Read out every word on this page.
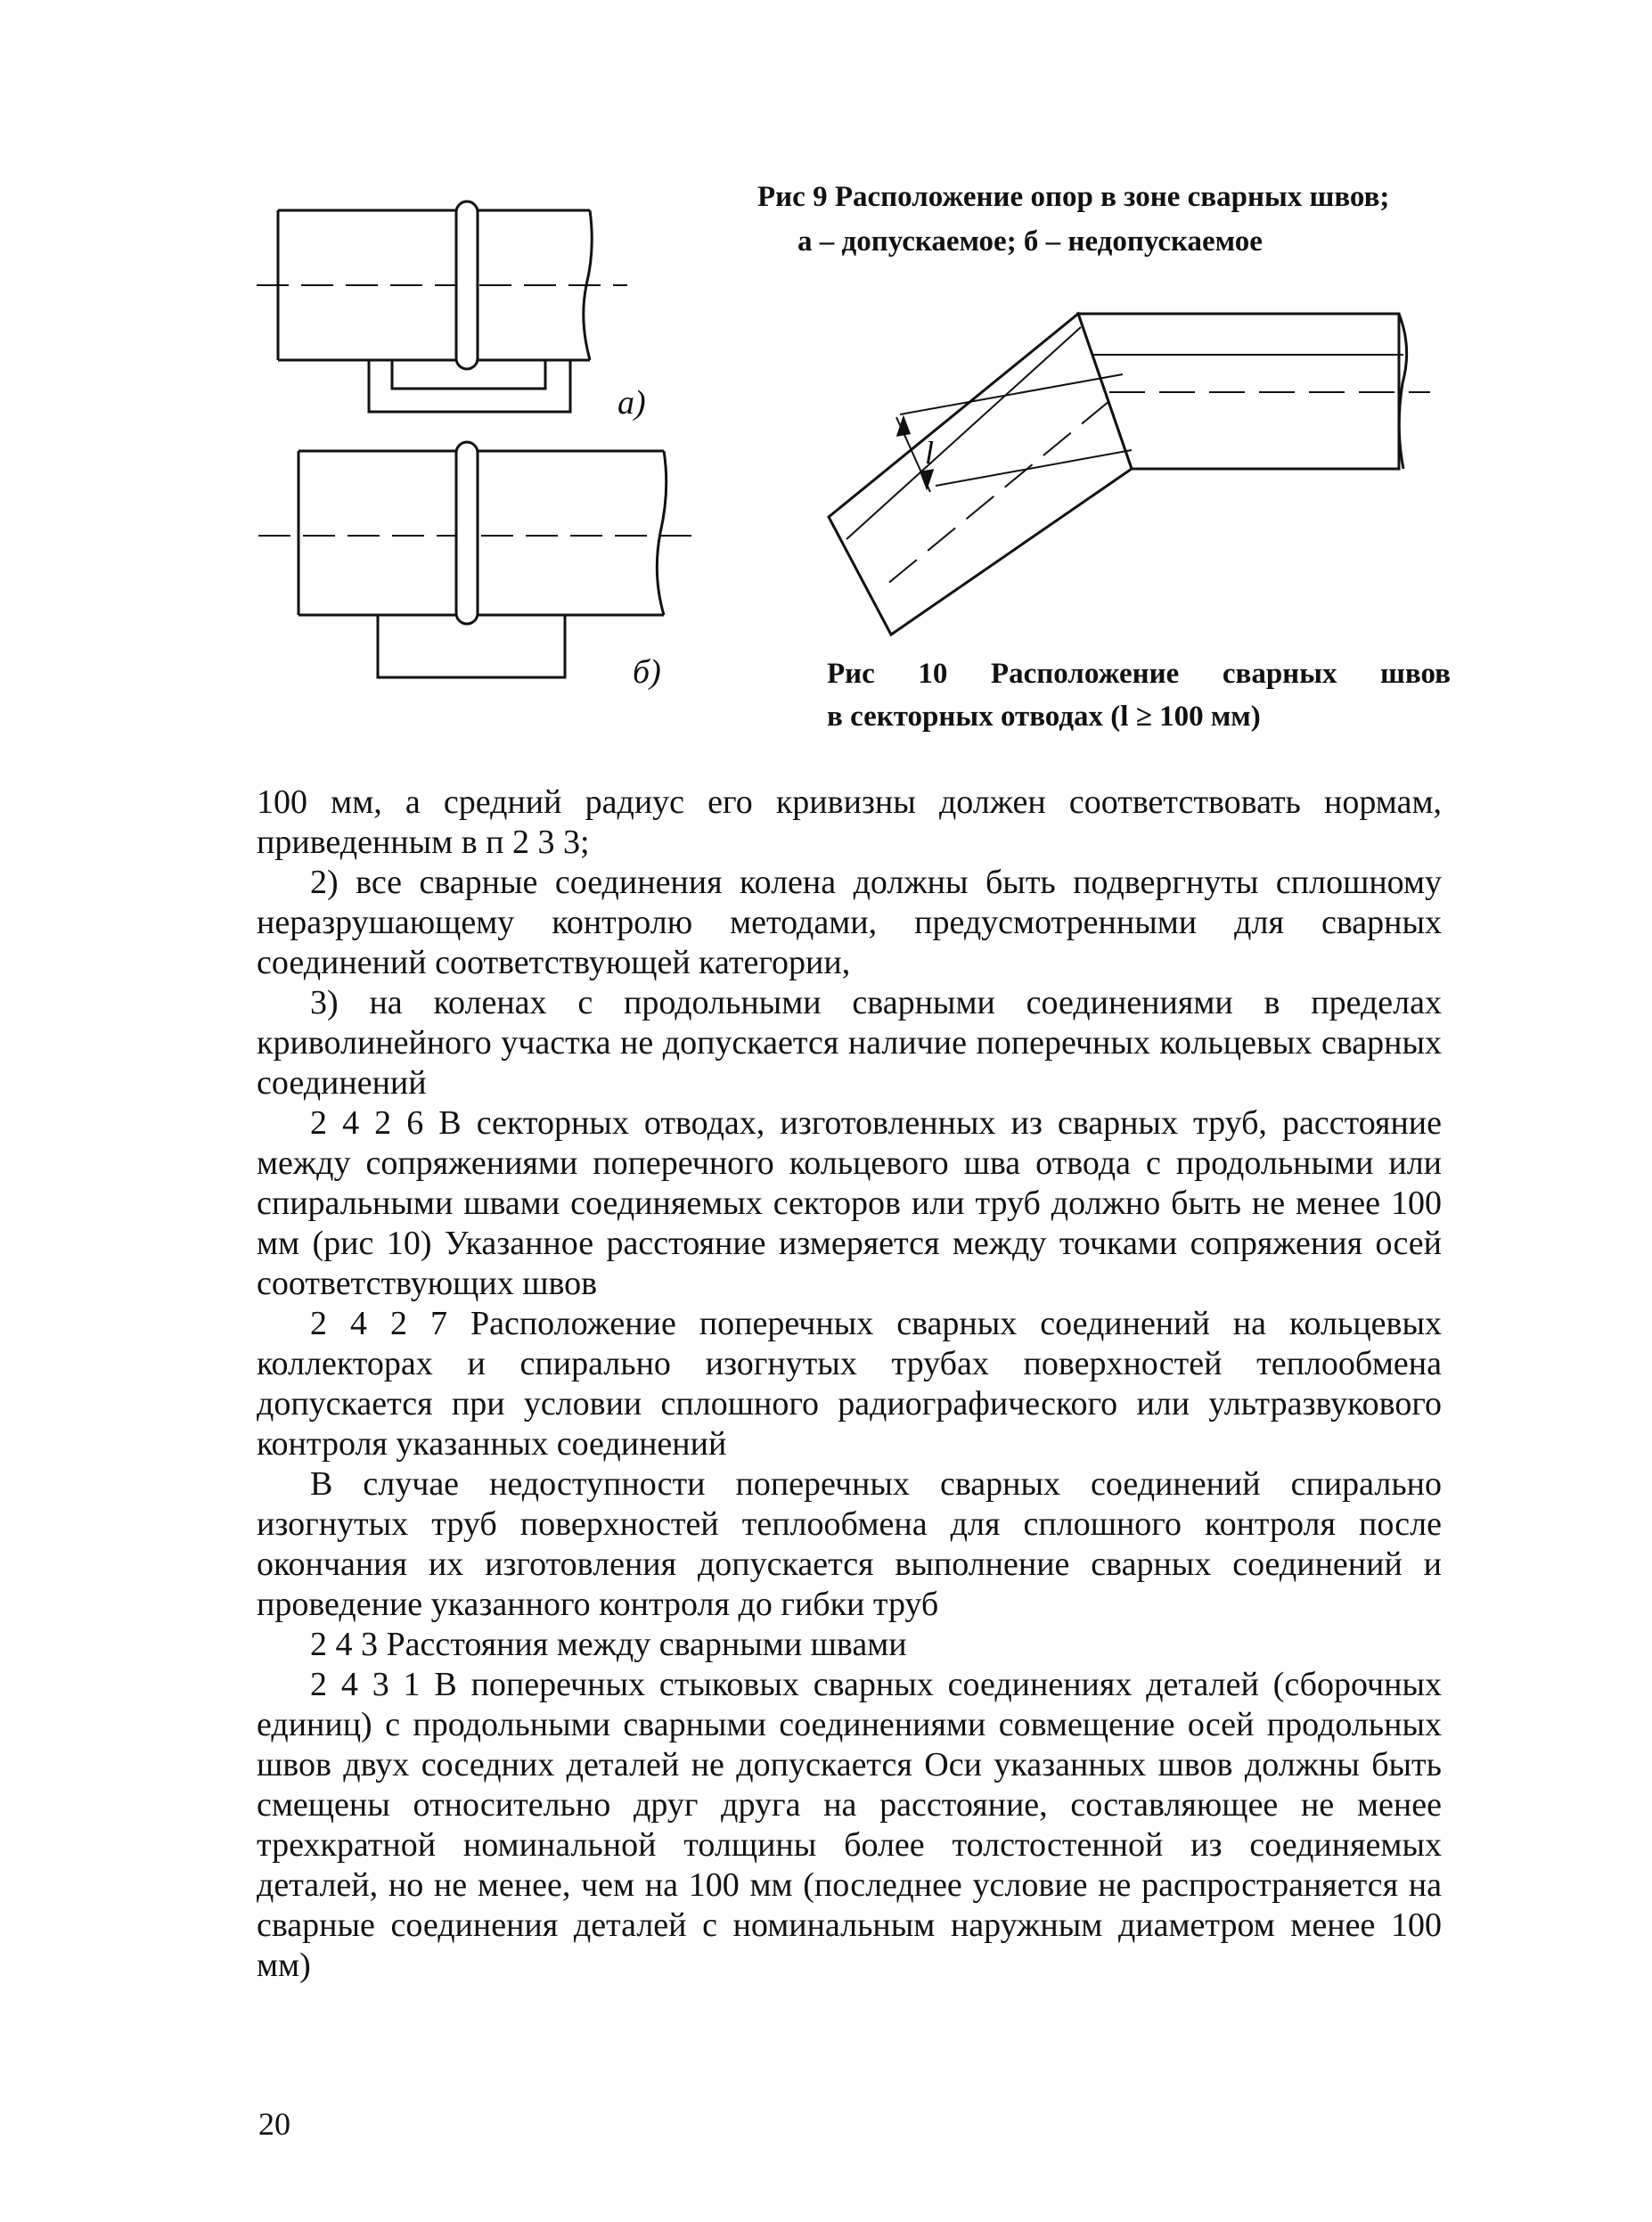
l
а)
б)
Рис 9 Расположение опор в зоне сварных швов;
а – допускаемое; б – недопускаемое
Рис 10 Расположение сварных швов
в секторных отводах (l ≥ 100 мм)

100 мм, а средний радиус его кривизны должен соответствовать нормам, приведенным в п 2 3 3;

2) все сварные соединения колена должны быть подвергнуты сплошному неразрушающему контролю методами, предусмотренными для сварных соединений соответствующей категории,

3) на коленах с продольными сварными соединениями в пределах криволинейного участка не допускается наличие поперечных кольцевых сварных соединений

2 4 2 6 В секторных отводах, изготовленных из сварных труб, расстояние между сопряжениями поперечного кольцевого шва отвода с продольными или спиральными швами соединяемых секторов или труб должно быть не менее 100 мм (рис 10) Указанное расстояние измеряется между точками сопряжения осей соответствующих швов

2 4 2 7 Расположение поперечных сварных соединений на кольцевых коллекторах и спирально изогнутых трубах поверхностей теплообмена допускается при условии сплошного радиографического или ультразвукового контроля указанных соединений

В случае недоступности поперечных сварных соединений спирально изогнутых труб поверхностей теплообмена для сплошного контроля после окончания их изготовления допускается выполнение сварных соединений и проведение указанного контроля до гибки труб

2 4 3 Расстояния между сварными швами

2 4 3 1 В поперечных стыковых сварных соединениях деталей (сборочных единиц) с продольными сварными соединениями совмещение осей продольных швов двух соседних деталей не допускается Оси указанных швов должны быть смещены относительно друг друга на расстояние, составляющее не менее трехкратной номинальной толщины более толстостенной из соединяемых деталей, но не менее, чем на 100 мм (последнее условие не распространяется на сварные соединения деталей с номинальным наружным диаметром менее 100 мм)

20
